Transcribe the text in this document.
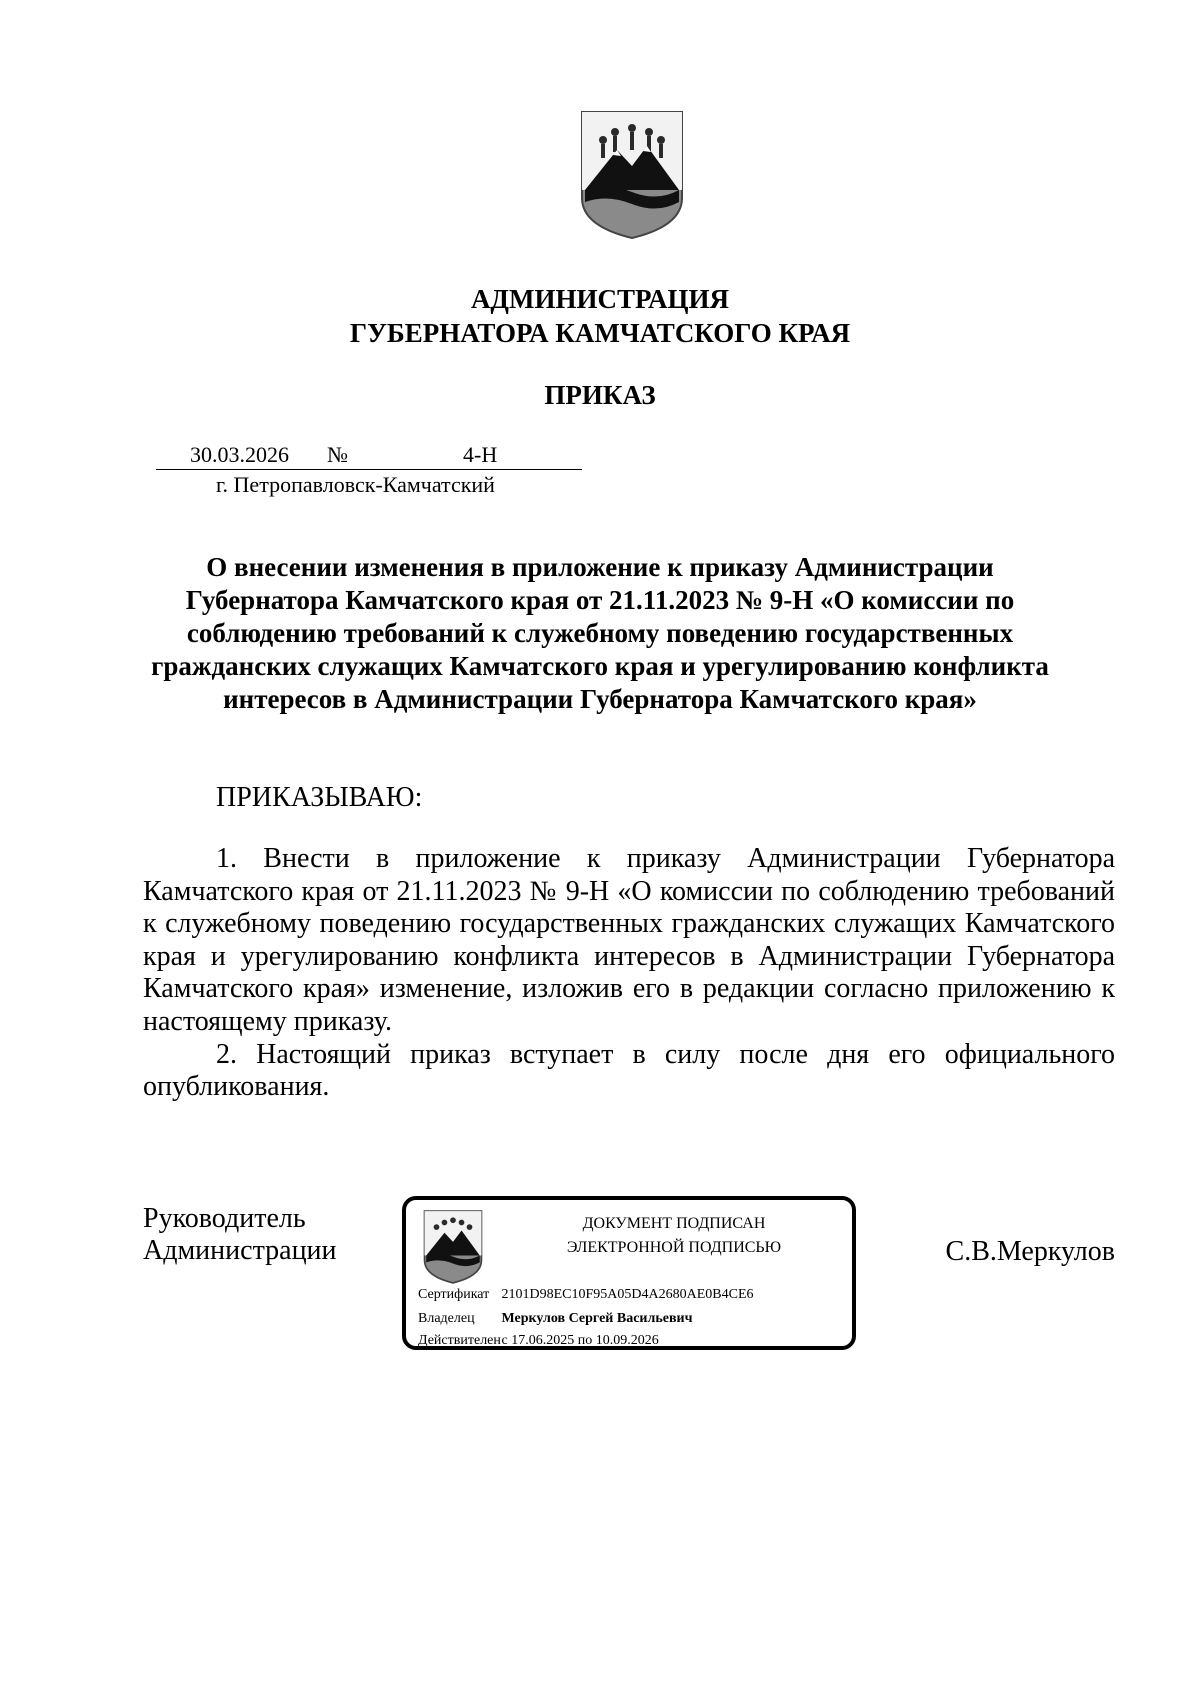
АДМИНИСТРАЦИЯ
ГУБЕРНАТОРА КАМЧАТСКОГО КРАЯ
ПРИКАЗ
30.03.2026 №	4-Н
г. Петропавловск-Камчатский
О внесении изменения в приложение к приказу Администрации
Губернатора Камчатского края от 21.11.2023 № 9-Н «О комиссии по
соблюдению требований к служебному поведению государственных
гражданских служащих Камчатского края и урегулированию конфликта
интересов в Администрации Губернатора Камчатского края»
ПРИКАЗЫВАЮ:

1. Внести в приложение к приказу Администрации Губернатора Камчатского края от 21.11.2023 № 9-Н «О комиссии по соблюдению требований к служебному поведению государственных гражданских служащих Камчатского края и урегулированию конфликта интересов в Администрации Губернатора Камчатского края» изменение, изложив его в редакции согласно приложению к настоящему приказу.

2. Настоящий приказ вступает в силу после дня его официального опубликования.

Руководитель
Администрации
ДОКУМЕНТ ПОДПИСАН
ЭЛЕКТРОННОЙ ПОДПИСЬЮ
Сертификат 2101D98EC10F95A05D4A2680AE0B4CE6
Владелец Меркулов Сергей Васильевич
Действителен с 17.06.2025 по 10.09.2026
С.В.Меркулов
